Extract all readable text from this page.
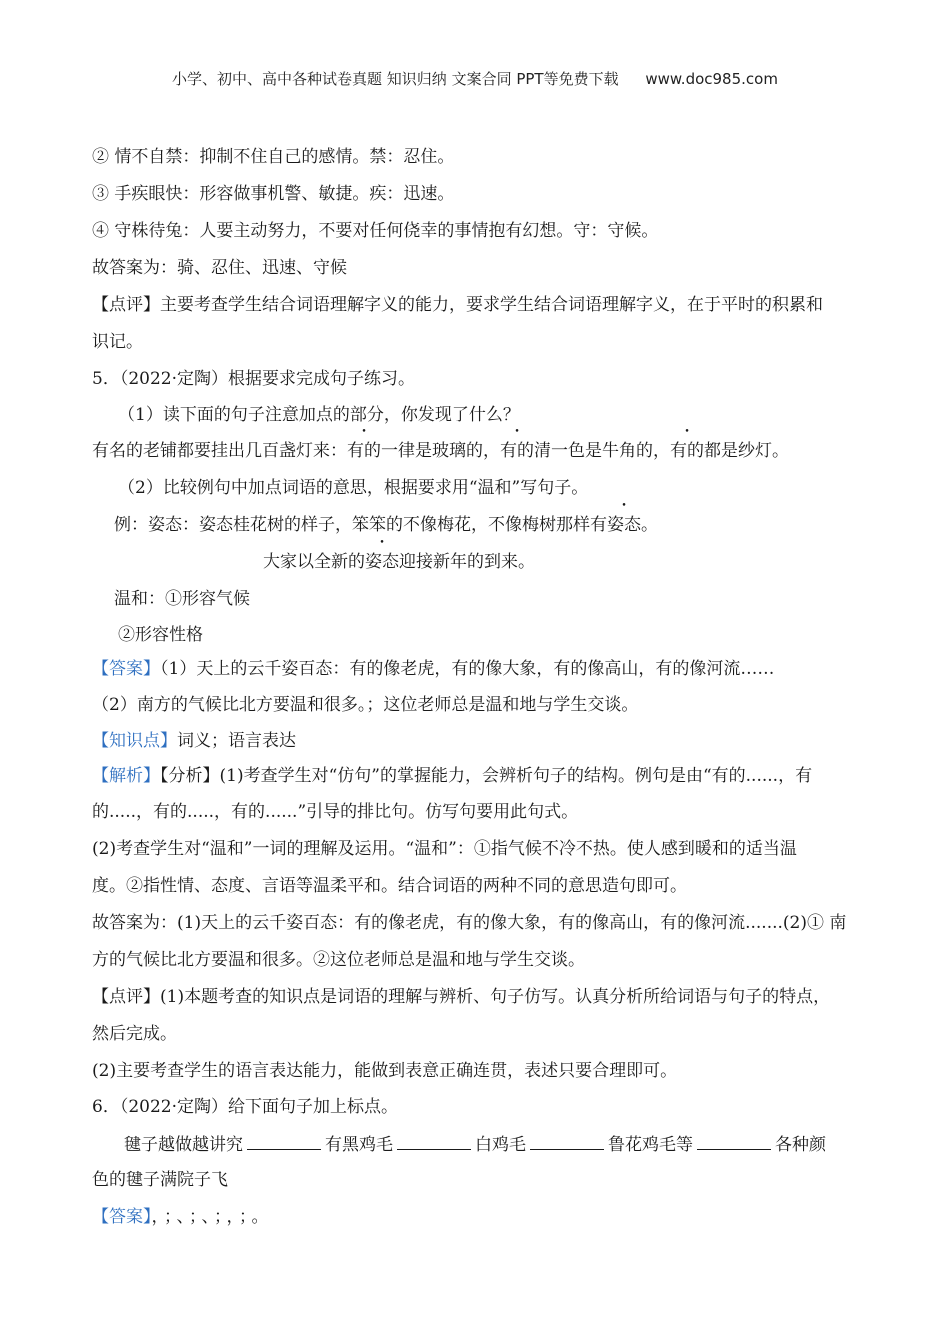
小学、初中、高中各种试卷真题 知识归纳 文案合同 PPT等免费下载 www.doc985.com
② 情不自禁：抑制不住自己的感情。禁：忍住。
③ 手疾眼快：形容做事机警、敏捷。疾：迅速。
④ 守株待兔：人要主动努力，不要对任何侥幸的事情抱有幻想。守：守候。
故答案为：骑、忍住、迅速、守候
【点评】主要考查学生结合词语理解字义的能力，要求学生结合词语理解字义，在于平时的积累和
识记。
5．（2022·定陶）根据要求完成句子练习。
（1）读下面的句子注意加点的部分，你发现了什么？
有名的老铺都要挂出几百盏灯来：有的一律是玻璃的，有的清一色是牛角的，有的都是纱灯。
（2）比较例句中加点词语的意思，根据要求用“温和”写句子。
例：姿态：姿态桂花树的样子，笨笨的不像梅花，不像梅树那样有姿态。
大家以全新的姿态迎接新年的到来。
温和：①形容气候
②形容性格
【答案】（1）天上的云千姿百态：有的像老虎，有的像大象，有的像高山，有的像河流……
（2）南方的气候比北方要温和很多。；这位老师总是温和地与学生交谈。
【知识点】词义；语言表达
【解析】【分析】(1)考查学生对“仿句”的掌握能力，会辨析句子的结构。例句是由“有的......，有
的.....，有的.....，有的......”引导的排比句。仿写句要用此句式。
(2)考查学生对“温和”一词的理解及运用。“温和”：①指气候不冷不热。使人感到暖和的适当温
度。②指性情、态度、言语等温柔平和。结合词语的两种不同的意思造句即可。
故答案为：(1)天上的云千姿百态：有的像老虎，有的像大象，有的像高山，有的像河流.......(2)① 南
方的气候比北方要温和很多。②这位老师总是温和地与学生交谈。
【点评】(1)本题考查的知识点是词语的理解与辨析、句子仿写。认真分析所给词语与句子的特点，
然后完成。
(2)主要考查学生的语言表达能力，能做到表意正确连贯，表述只要合理即可。
6．（2022·定陶）给下面句子加上标点。
毽子越做越讲究	有黑鸡毛	白鸡毛	鲁花鸡毛等	各种颜
色的毽子满院子飞
【答案】，；、；、；，；。
